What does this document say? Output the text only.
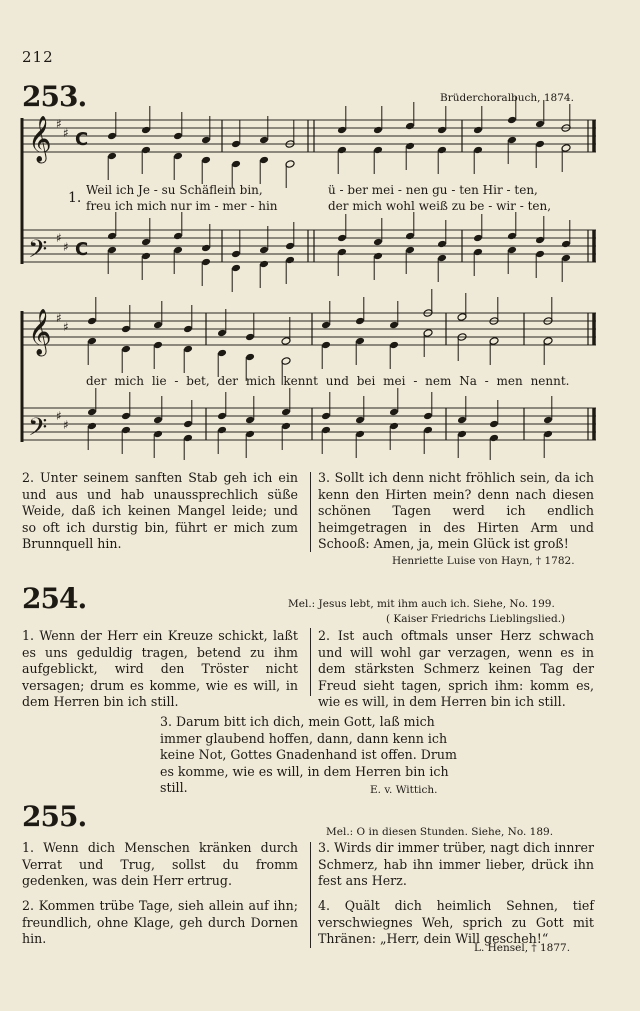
212
253.	Brüderchoralbuch, 1874.
𝄞
𝄢
𝄞
𝄢
♯
♯
♯
♯
♯
♯
♯
♯
C
C
1. Weil ich Je - su Schäflein bin,
freu ich mich nur im - mer - hin
ü - ber mei - nen gu - ten Hir - ten,
der mich wohl weiß zu be - wir - ten,
der mich lie - bet, der mich kennt und bei mei - nem Na - men nennt.
2. Unter seinem sanften Stab geh ich ein und aus und hab unaussprechlich süße Weide, daß ich keinen Mangel leide; und so oft ich durstig bin, führt er mich zum Brunnquell hin.
3. Sollt ich denn nicht fröhlich sein, da ich kenn den Hirten mein? denn nach diesen schönen Tagen werd ich endlich heimgetragen in des Hirten Arm und Schooß: Amen, ja, mein Glück ist groß!
Henriette Luise von Hayn, † 1782.
254.	Mel.: Jesus lebt, mit ihm auch ich. Siehe, No. 199.
( Kaiser Friedrichs Lieblingslied.)
1. Wenn der Herr ein Kreuze schickt, laßt es uns geduldig tragen, betend zu ihm aufgeblickt, wird den Tröster nicht versagen; drum es komme, wie es will, in dem Herren bin ich still.
2. Ist auch oftmals unser Herz schwach und will wohl gar verzagen, wenn es in dem stärksten Schmerz keinen Tag der Freud sieht tagen, sprich ihm: komm es, wie es will, in dem Herren bin ich still.
3. Darum bitt ich dich, mein Gott, laß mich
immer glaubend hoffen, dann, dann kenn ich
keine Not, Gottes Gnadenhand ist offen. Drum
es komme, wie es will, in dem Herren bin ich still.	E. v. Wittich.
255.	Mel.: O in diesen Stunden. Siehe, No. 189.
1. Wenn dich Menschen kränken durch Verrat und Trug, sollst du fromm gedenken, was dein Herr ertrug.
2. Kommen trübe Tage, sieh allein auf ihn; freundlich, ohne Klage, geh durch Dornen hin.
3. Wirds dir immer trüber, nagt dich innrer Schmerz, hab ihn immer lieber, drück ihn fest ans Herz.
4. Quält dich heimlich Sehnen, tief verschwiegnes Weh, sprich zu Gott mit Thränen: „Herr, dein Will gescheh!“
L. Hensel, † 1877.
